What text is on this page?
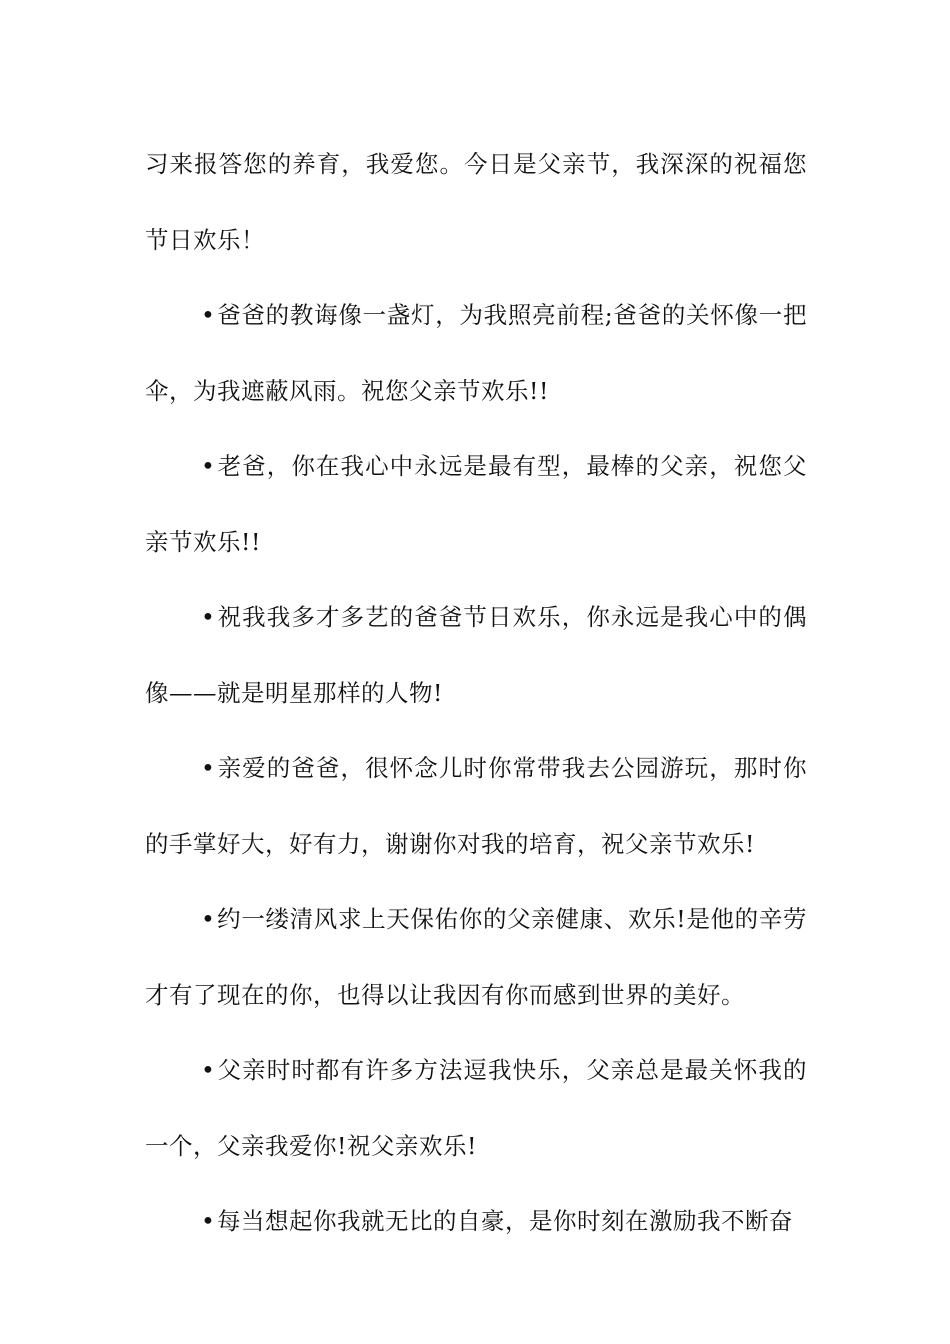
习来报答您的养育，我爱您。今日是父亲节，我深深的祝福您节日欢乐！

•爸爸的教诲像一盏灯，为我照亮前程;爸爸的关怀像一把伞，为我遮蔽风雨。祝您父亲节欢乐!!

•老爸，你在我心中永远是最有型，最棒的父亲，祝您父亲节欢乐!!

•祝我我多才多艺的爸爸节日欢乐，你永远是我心中的偶像——就是明星那样的人物!

•亲爱的爸爸，很怀念儿时你常带我去公园游玩，那时你的手掌好大，好有力，谢谢你对我的培育，祝父亲节欢乐!

•约一缕清风求上天保佑你的父亲健康、欢乐!是他的辛劳才有了现在的你，也得以让我因有你而感到世界的美好。

•父亲时时都有许多方法逗我快乐，父亲总是最关怀我的一个，父亲我爱你!祝父亲欢乐!

•每当想起你我就无比的自豪，是你时刻在激励我不断奋
